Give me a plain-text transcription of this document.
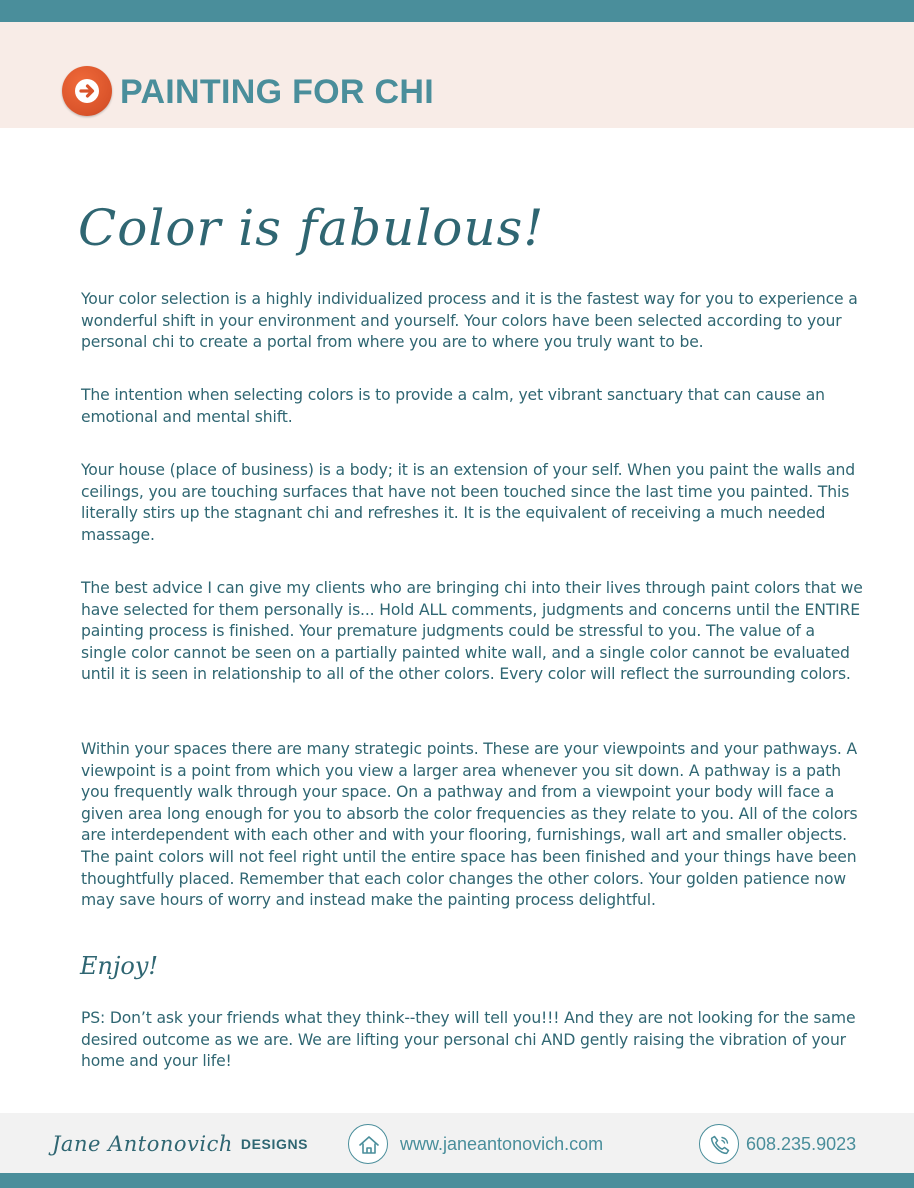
PAINTING FOR CHI
Color is fabulous!

Your color selection is a highly individualized process and it is the fastest way for you to experience a wonderful shift in your environment and yourself. Your colors have been selected according to your personal chi to create a portal from where you are to where you truly want to be.

The intention when selecting colors is to provide a calm, yet vibrant sanctuary that can cause an emotional and mental shift.

Your house (place of business) is a body; it is an extension of your self. When you paint the walls and ceilings, you are touching surfaces that have not been touched since the last time you painted. This literally stirs up the stagnant chi and refreshes it. It is the equivalent of receiving a much needed massage.

The best advice I can give my clients who are bringing chi into their lives through paint colors that we have selected for them personally is... Hold ALL comments, judgments and concerns until the ENTIRE painting process is finished. Your premature judgments could be stressful to you. The value of a single color cannot be seen on a partially painted white wall, and a single color cannot be evaluated until it is seen in relationship to all of the other colors. Every color will reflect the surrounding colors.

Within your spaces there are many strategic points. These are your viewpoints and your pathways. A viewpoint is a point from which you view a larger area whenever you sit down. A pathway is a path you frequently walk through your space. On a pathway and from a viewpoint your body will face a given area long enough for you to absorb the color frequencies as they relate to you. All of the colors are interdependent with each other and with your flooring, furnishings, wall art and smaller objects. The paint colors will not feel right until the entire space has been finished and your things have been thoughtfully placed. Remember that each color changes the other colors. Your golden patience now may save hours of worry and instead make the painting process delightful.

Enjoy!

PS: Don’t ask your friends what they think--they will tell you!!! And they are not looking for the same desired outcome as we are. We are lifting your personal chi AND gently raising the vibration of your home and your life!

Jane Antonovich DESIGNS	www.janeantonovich.com	608.235.9023
